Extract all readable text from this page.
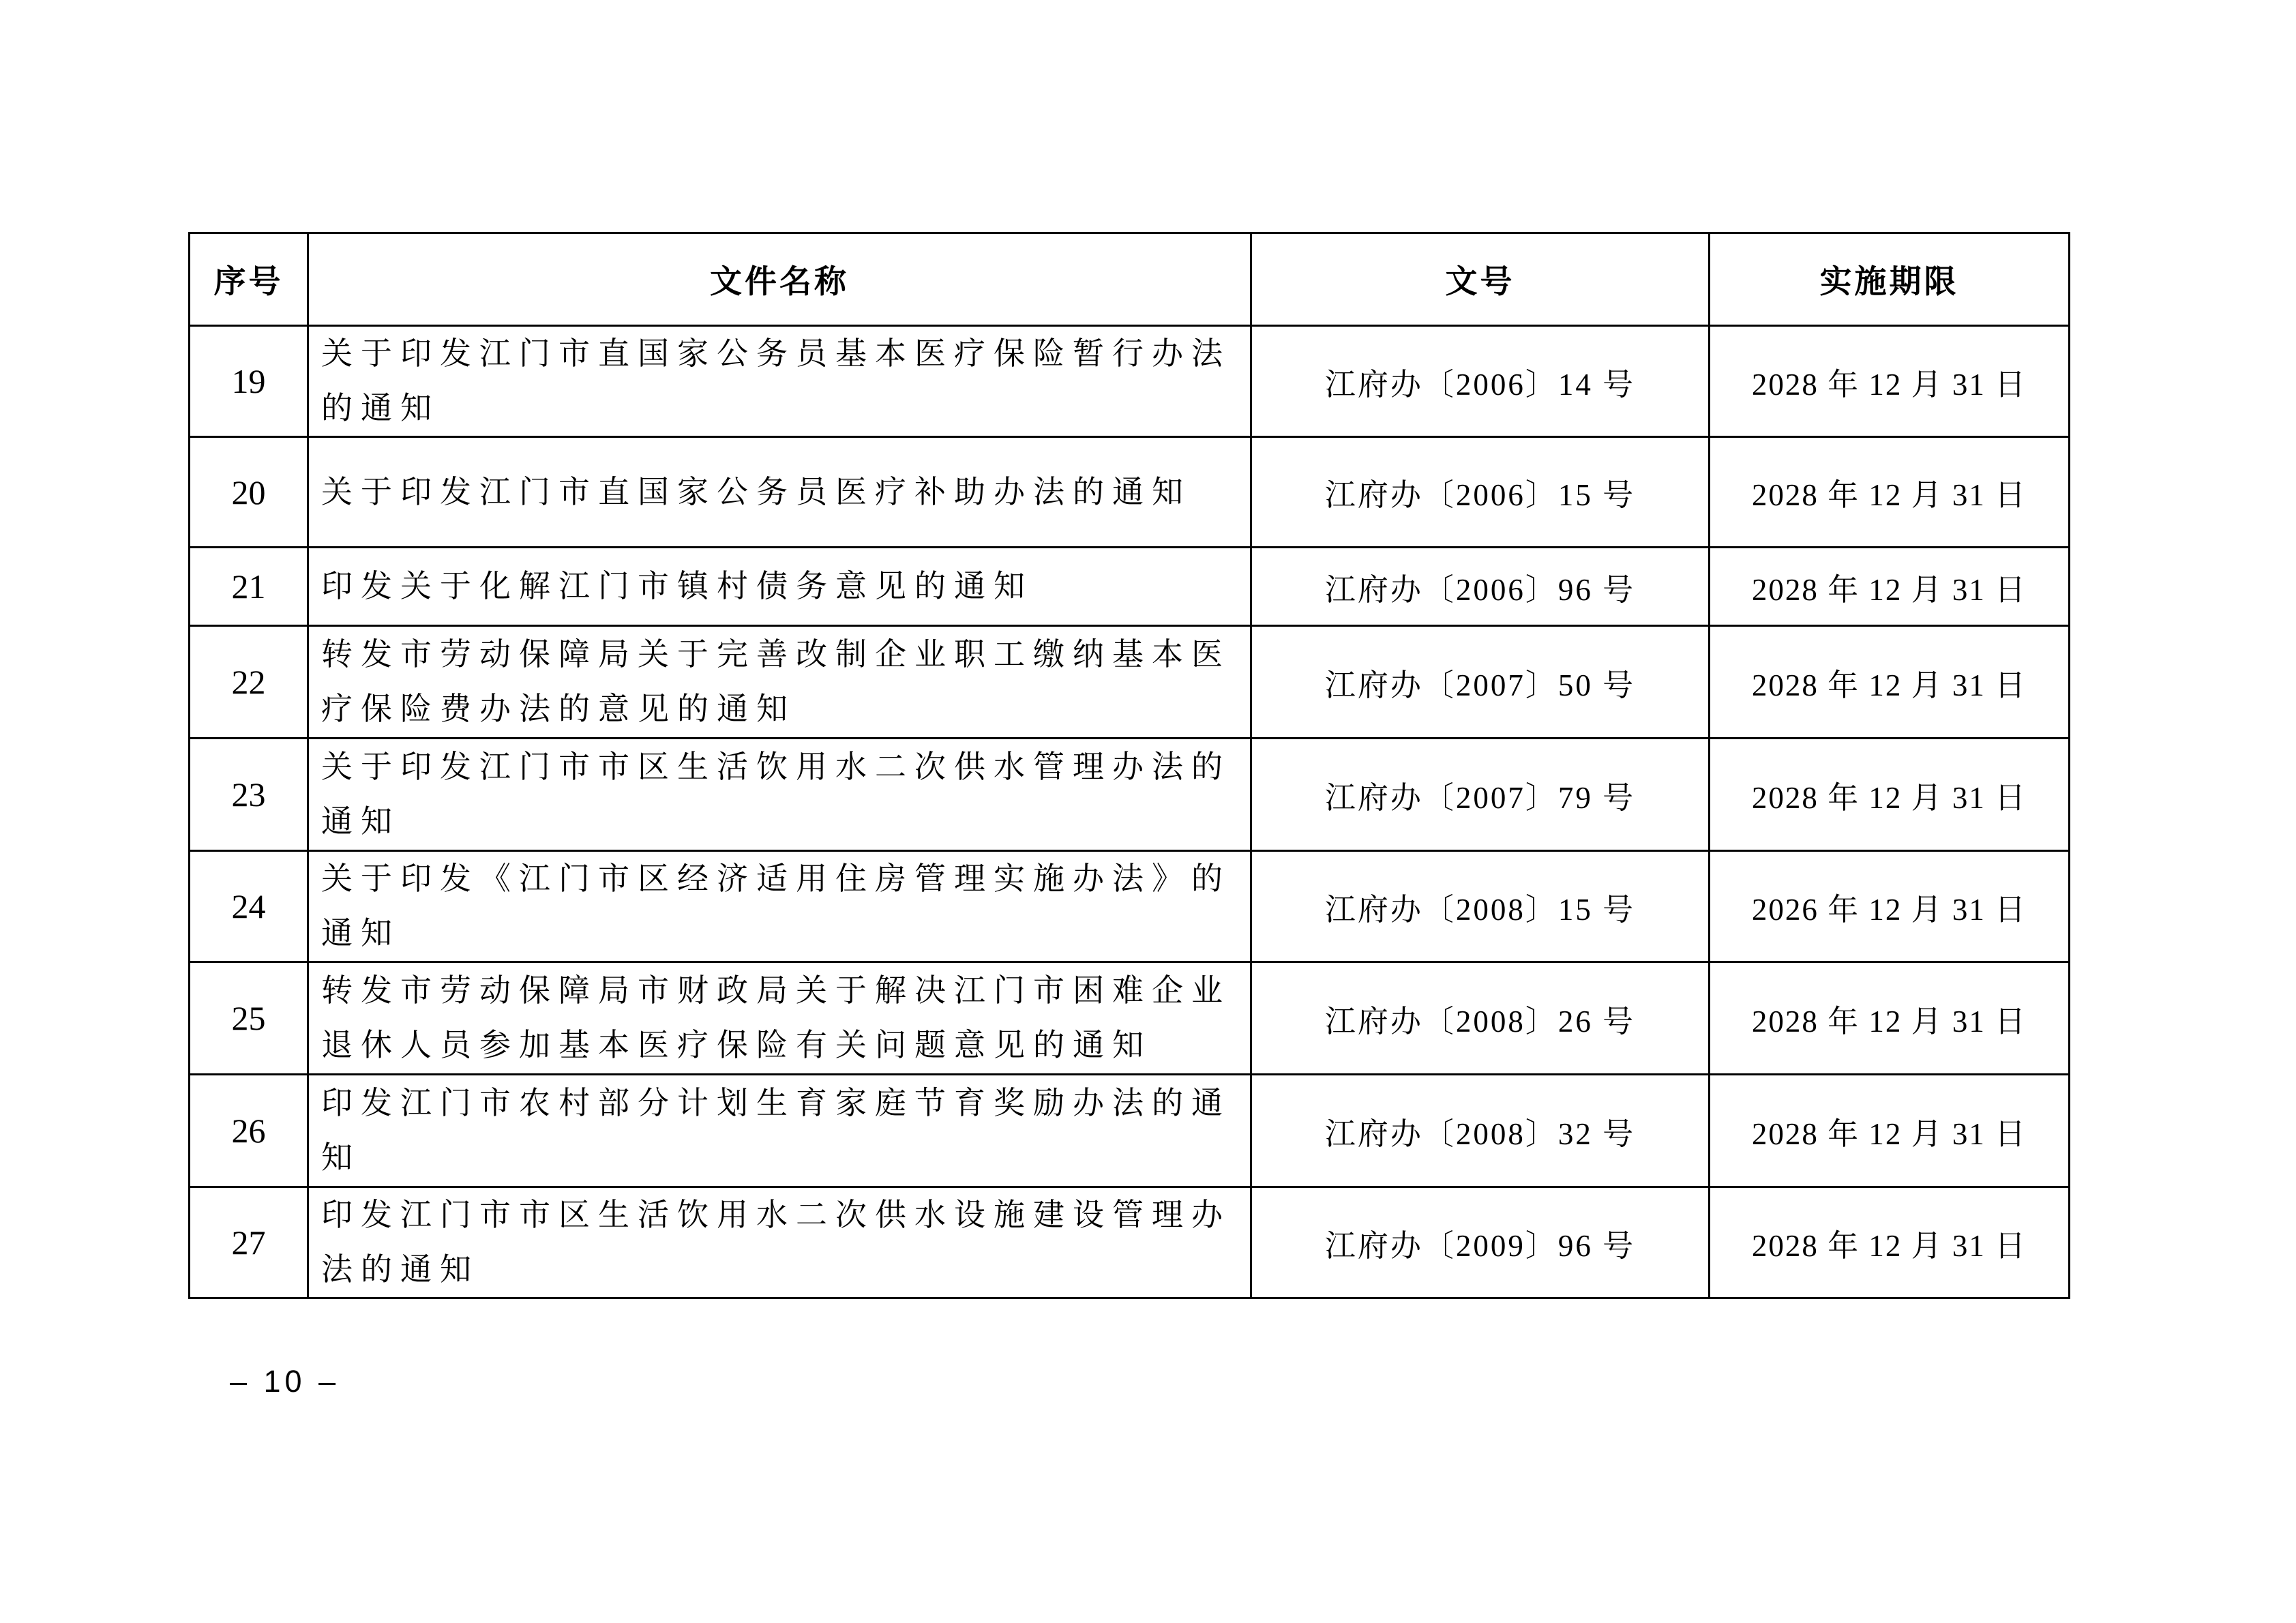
序号	文件名称	文号	实施期限
19	关于印发江门市直国家公务员基本医疗保险暂行办法的通知	江府办〔2006〕14 号	2028 年 12 月 31 日
20	关于印发江门市直国家公务员医疗补助办法的通知	江府办〔2006〕15 号	2028 年 12 月 31 日
21	印发关于化解江门市镇村债务意见的通知	江府办〔2006〕96 号	2028 年 12 月 31 日
22	转发市劳动保障局关于完善改制企业职工缴纳基本医疗保险费办法的意见的通知	江府办〔2007〕50 号	2028 年 12 月 31 日
23	关于印发江门市市区生活饮用水二次供水管理办法的通知	江府办〔2007〕79 号	2028 年 12 月 31 日
24	关于印发《江门市区经济适用住房管理实施办法》的通知	江府办〔2008〕15 号	2026 年 12 月 31 日
25	转发市劳动保障局市财政局关于解决江门市困难企业退休人员参加基本医疗保险有关问题意见的通知	江府办〔2008〕26 号	2028 年 12 月 31 日
26	印发江门市农村部分计划生育家庭节育奖励办法的通知	江府办〔2008〕32 号	2028 年 12 月 31 日
27	印发江门市市区生活饮用水二次供水设施建设管理办法的通知	江府办〔2009〕96 号	2028 年 12 月 31 日
– 10 –
